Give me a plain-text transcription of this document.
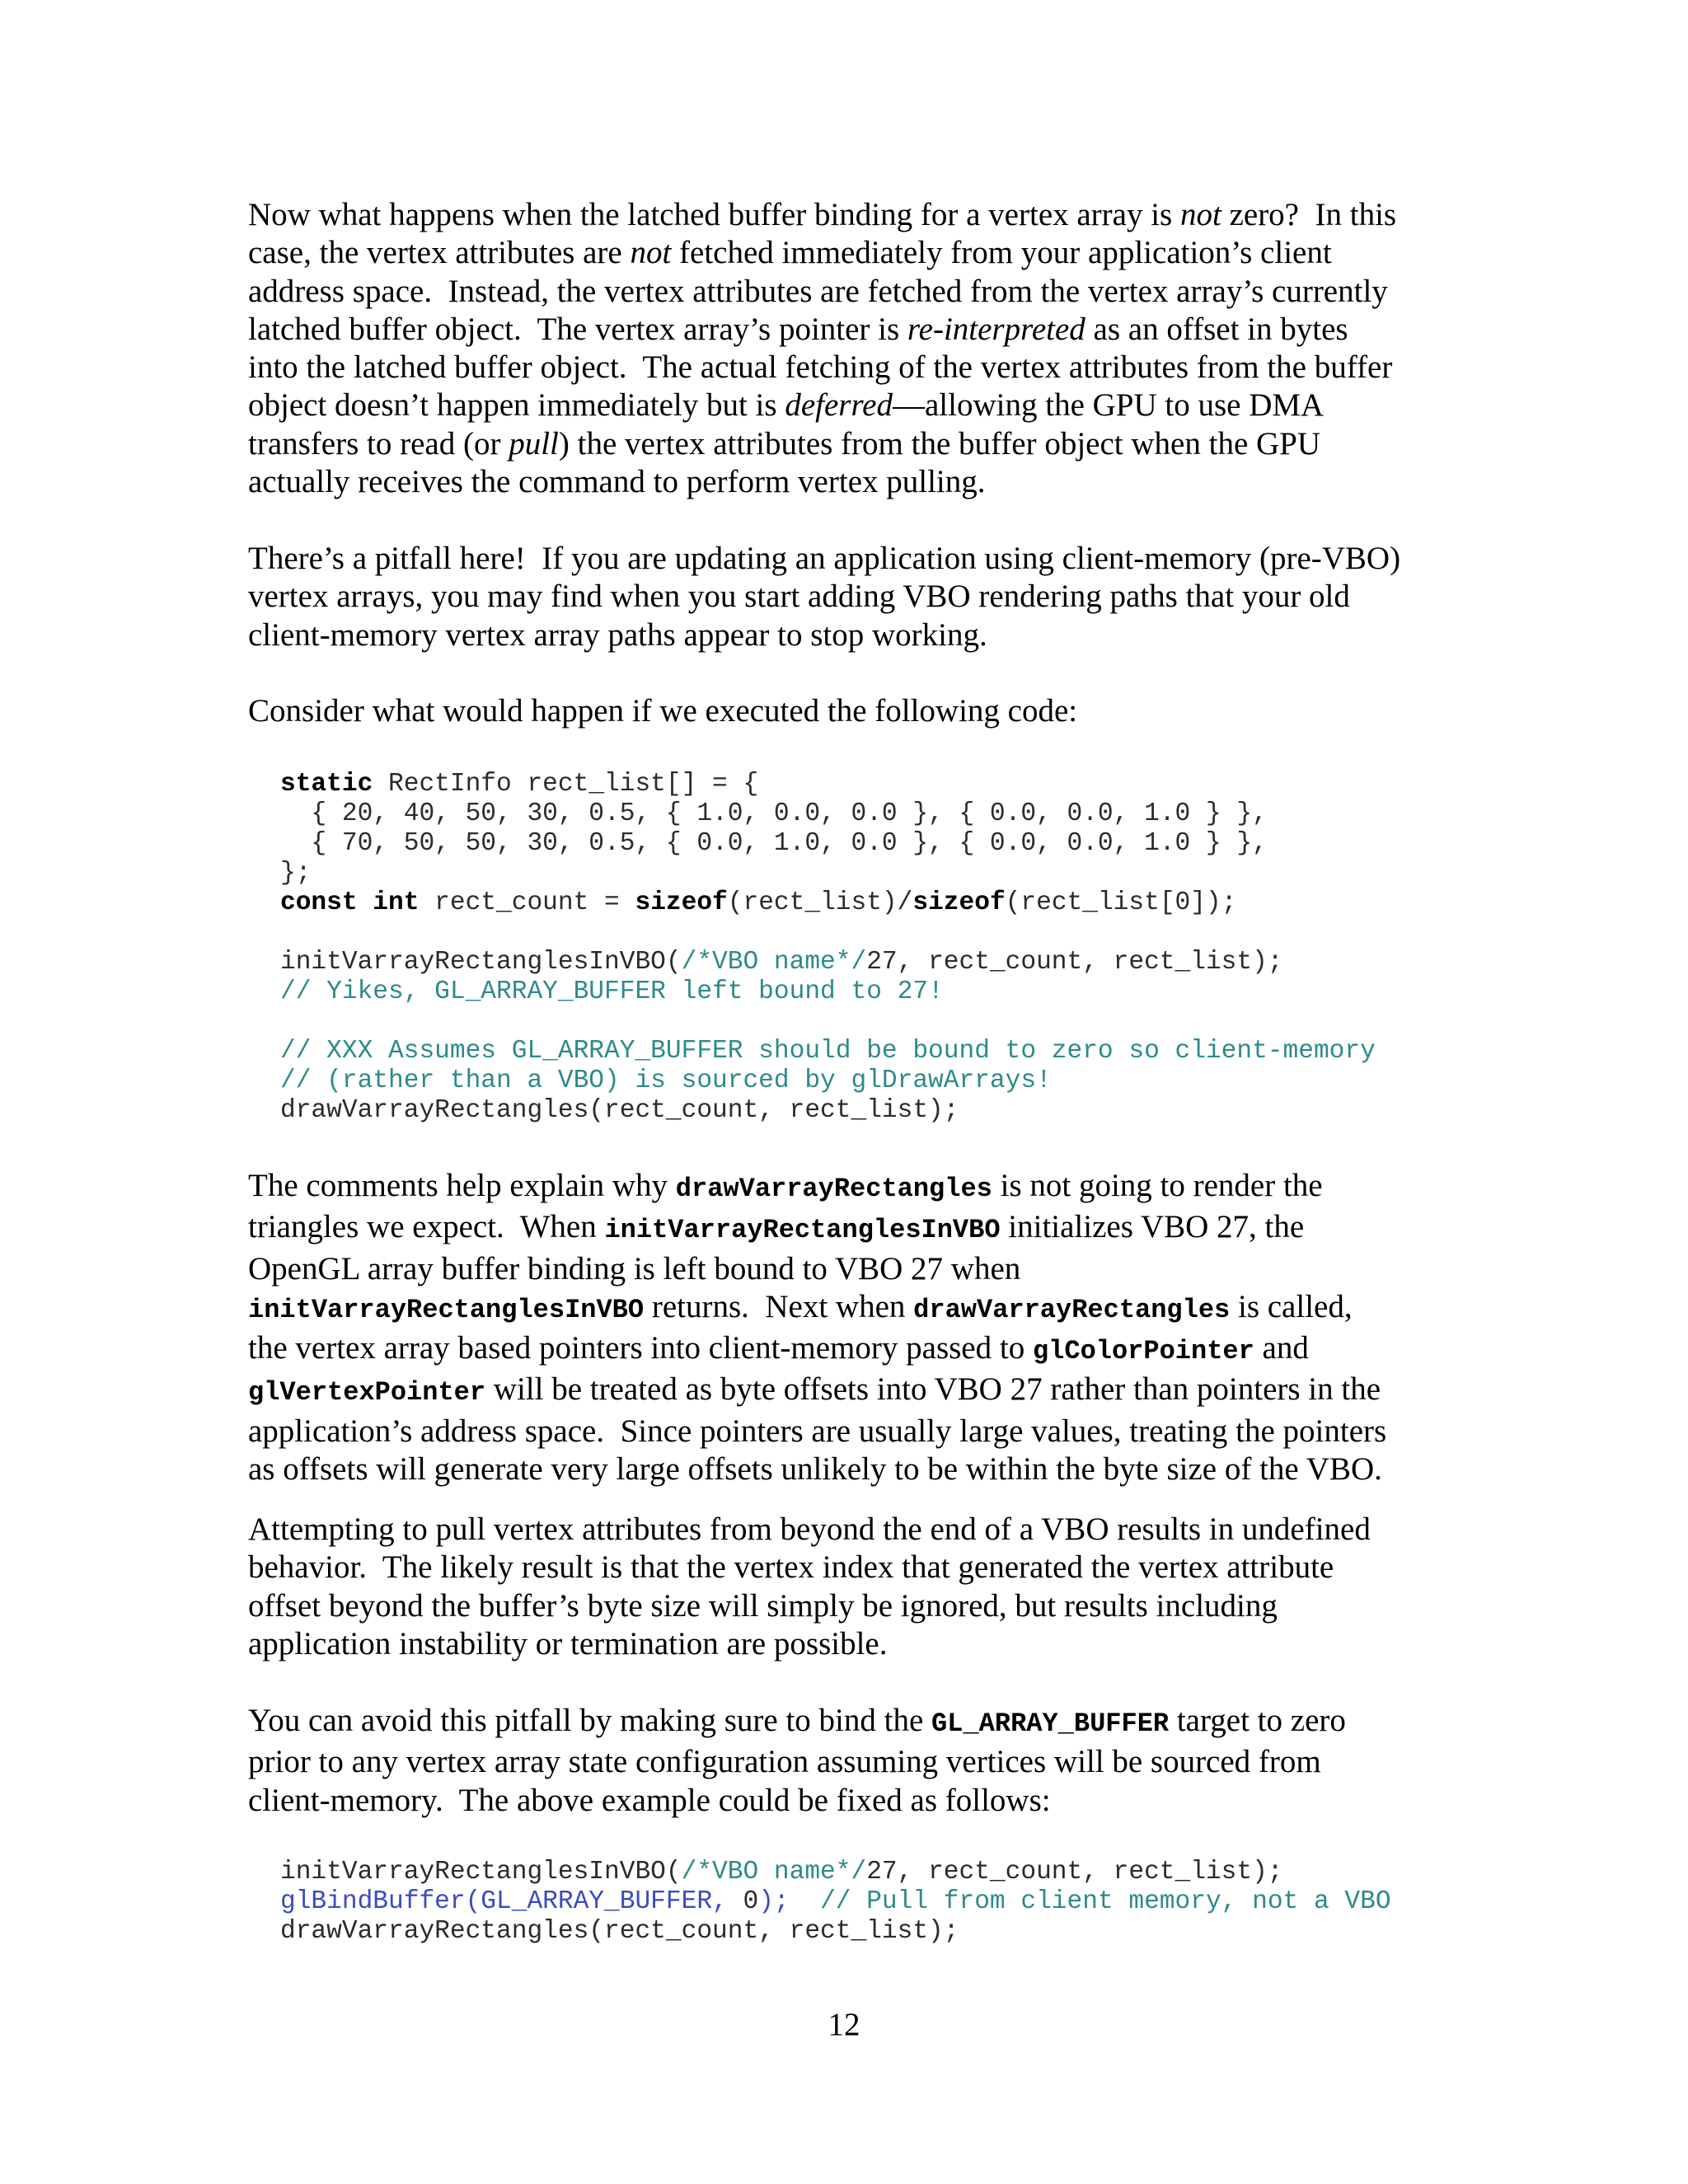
Now what happens when the latched buffer binding for a vertex array is not zero?  In this
case, the vertex attributes are not fetched immediately from your application’s client
address space.  Instead, the vertex attributes are fetched from the vertex array’s currently
latched buffer object.  The vertex array’s pointer is re-interpreted as an offset in bytes
into the latched buffer object.  The actual fetching of the vertex attributes from the buffer
object doesn’t happen immediately but is deferred—allowing the GPU to use DMA
transfers to read (or pull) the vertex attributes from the buffer object when the GPU
actually receives the command to perform vertex pulling.
There’s a pitfall here!  If you are updating an application using client-memory (pre-VBO)
vertex arrays, you may find when you start adding VBO rendering paths that your old
client-memory vertex array paths appear to stop working.
Consider what would happen if we executed the following code:
static RectInfo rect_list[] = {
{ 20, 40, 50, 30, 0.5, { 1.0, 0.0, 0.0 }, { 0.0, 0.0, 1.0 } },
{ 70, 50, 50, 30, 0.5, { 0.0, 1.0, 0.0 }, { 0.0, 0.0, 1.0 } },
};
const int rect_count = sizeof(rect_list)/sizeof(rect_list[0]);
initVarrayRectanglesInVBO(/*VBO name*/27, rect_count, rect_list);
// Yikes, GL_ARRAY_BUFFER left bound to 27!
// XXX Assumes GL_ARRAY_BUFFER should be bound to zero so client-memory
// (rather than a VBO) is sourced by glDrawArrays!
drawVarrayRectangles(rect_count, rect_list);
The comments help explain why drawVarrayRectangles is not going to render the
triangles we expect.  When initVarrayRectanglesInVBO initializes VBO 27, the
OpenGL array buffer binding is left bound to VBO 27 when
initVarrayRectanglesInVBO returns.  Next when drawVarrayRectangles is called,
the vertex array based pointers into client-memory passed to glColorPointer and
glVertexPointer will be treated as byte offsets into VBO 27 rather than pointers in the
application’s address space.  Since pointers are usually large values, treating the pointers
as offsets will generate very large offsets unlikely to be within the byte size of the VBO.
Attempting to pull vertex attributes from beyond the end of a VBO results in undefined
behavior.  The likely result is that the vertex index that generated the vertex attribute
offset beyond the buffer’s byte size will simply be ignored, but results including
application instability or termination are possible.
You can avoid this pitfall by making sure to bind the GL_ARRAY_BUFFER target to zero
prior to any vertex array state configuration assuming vertices will be sourced from
client-memory.  The above example could be fixed as follows:
initVarrayRectanglesInVBO(/*VBO name*/27, rect_count, rect_list);
glBindBuffer(GL_ARRAY_BUFFER, 0);  // Pull from client memory, not a VBO
drawVarrayRectangles(rect_count, rect_list);
12
